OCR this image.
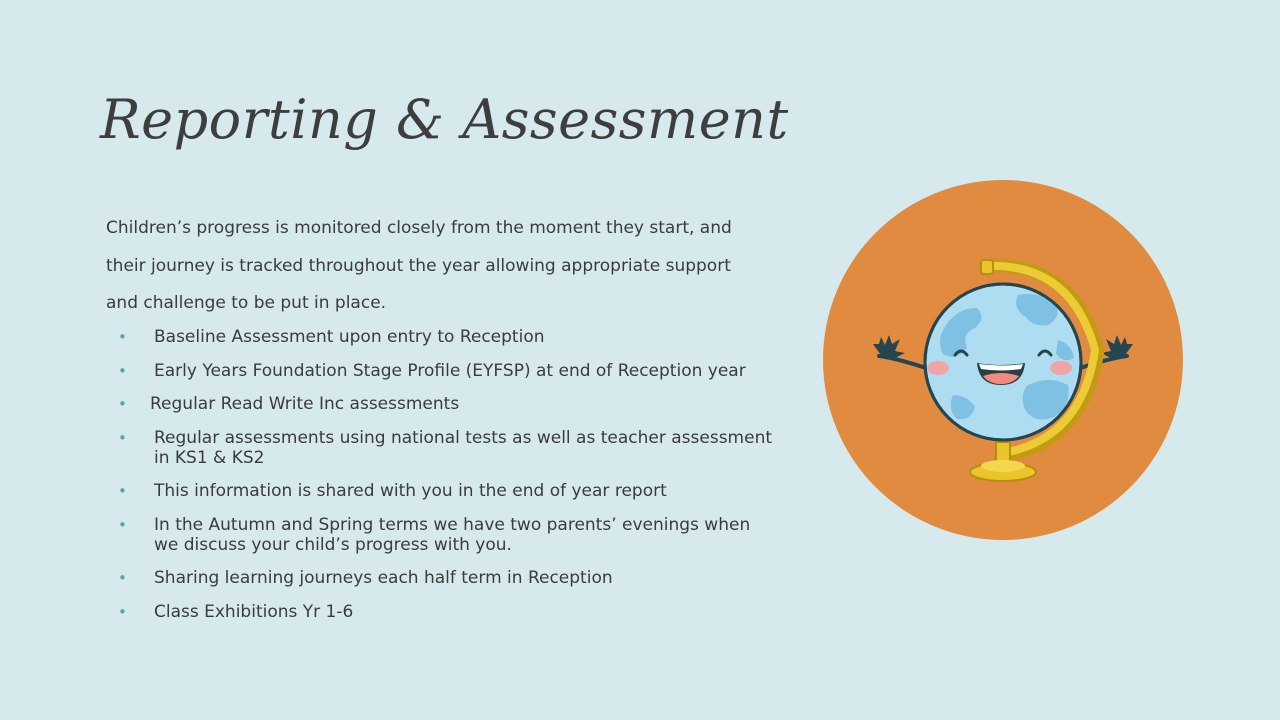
Reporting & Assessment

Children’s progress is monitored closely from the moment they start, and their journey is tracked throughout the year allowing appropriate support and challenge to be put in place.

• Baseline Assessment upon entry to Reception
• Early Years Foundation Stage Profile (EYFSP) at end of Reception year
• Regular Read Write Inc assessments
• Regular assessments using national tests as well as teacher assessment in KS1 & KS2
• This information is shared with you in the end of year report
• In the Autumn and Spring terms we have two parents’ evenings when we discuss your child’s progress with you.
• Sharing learning journeys each half term in Reception
• Class Exhibitions Yr 1-6
